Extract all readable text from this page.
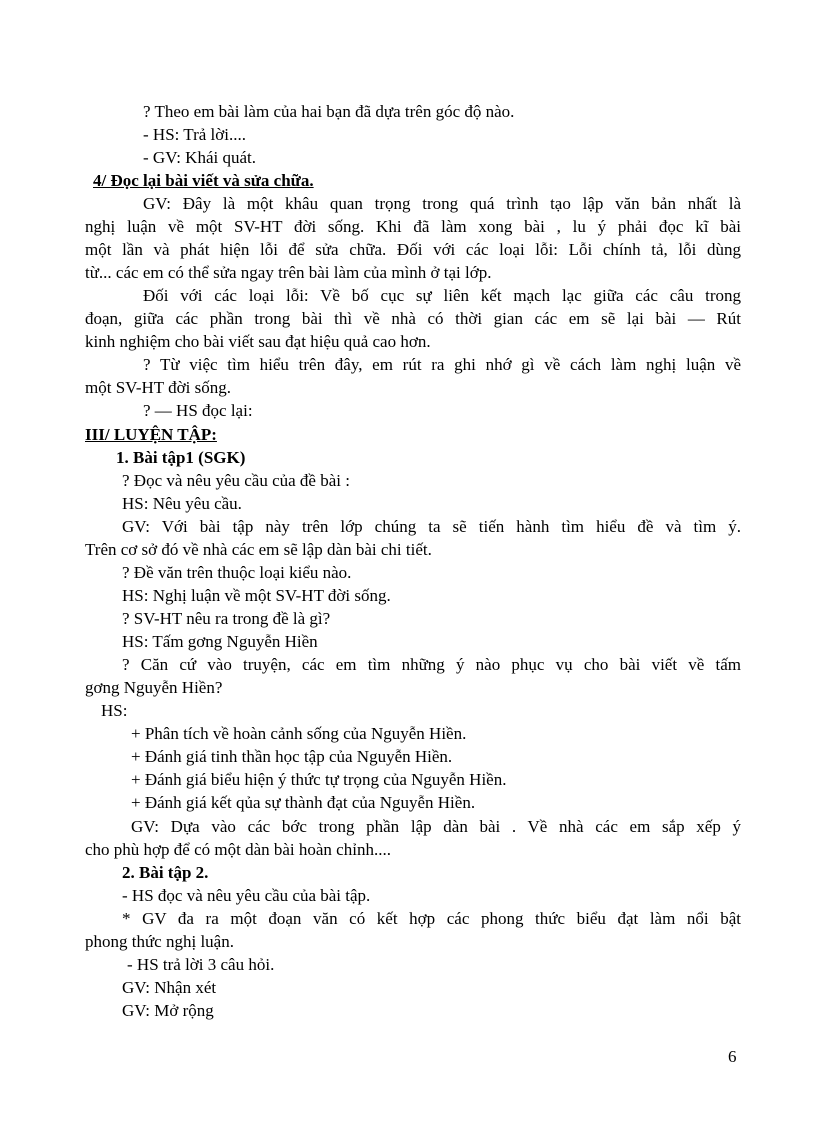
? Theo em bài làm của hai bạn đã dựa trên góc độ nào.
- HS: Trả lời....
- GV: Khái quát.
4/ Đọc lại bài viết và sửa chữa.
GV: Đây là một khâu quan trọng trong quá trình tạo lập văn bản nhất là
nghị luận về một SV-HT đời sống. Khi đã làm xong bài , lu ý phải đọc kĩ bài
một lần và phát hiện lỗi để sửa chữa. Đối với các loại lỗi: Lỗi chính tả, lỗi dùng
từ... các em có thể sửa ngay trên bài làm của mình ở tại lớp.
Đối với các loại lỗi: Về bố cục sự liên kết mạch lạc giữa các câu trong
đoạn, giữa các phần trong bài thì về nhà có thời gian các em sẽ lại bài — Rút
kinh nghiệm cho bài viết sau đạt hiệu quả cao hơn.
? Từ việc tìm hiểu trên đây, em rút ra ghi nhớ gì về cách làm nghị luận về
một SV-HT đời sống.
? — HS đọc lại:
III/ LUYỆN TẬP:
1. Bài tập1 (SGK)
? Đọc và nêu yêu cầu của đề bài :
HS: Nêu yêu cầu.
GV: Với bài tập này trên lớp chúng ta sẽ tiến hành tìm hiểu đề và tìm ý.
Trên cơ sở đó về nhà các em sẽ lập dàn bài chi tiết.
? Đề văn trên thuộc loại kiểu nào.
HS: Nghị luận về một SV-HT đời sống.
? SV-HT nêu ra trong đề là gì?
HS: Tấm gơng Nguyễn Hiền
? Căn cứ vào truyện, các em tìm những ý nào phục vụ cho bài viết về tấm
gơng Nguyễn Hiền?
HS:
+ Phân tích về hoàn cảnh sống của Nguyễn Hiền.
+ Đánh giá tinh thần học tập của Nguyễn Hiền.
+ Đánh giá biểu hiện ý thức tự trọng của Nguyễn Hiền.
+ Đánh giá kết qủa sự thành đạt của Nguyễn Hiền.
GV: Dựa vào các bớc trong phần lập dàn bài . Về nhà các em sắp xếp ý
cho phù hợp để có một dàn bài hoàn chỉnh....
2. Bài tập 2.
- HS đọc và nêu yêu cầu của bài tập.
* GV đa ra một đoạn văn có kết hợp các phong thức biểu đạt làm nổi bật
phong thức nghị luận.
- HS trả lời 3 câu hỏi.
GV: Nhận xét
GV: Mở rộng
6
